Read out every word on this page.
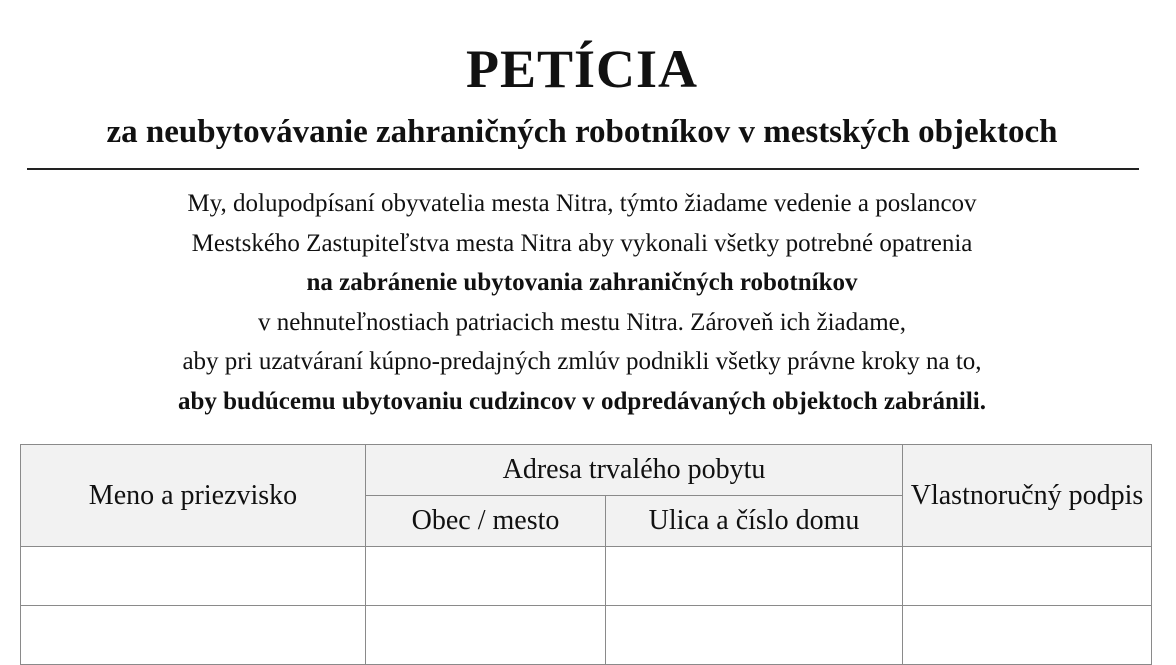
PETÍCIA
za neubytovávanie zahraničných robotníkov v mestských objektoch
My, dolupodpísaní obyvatelia mesta Nitra, týmto žiadame vedenie a poslancov
Mestského Zastupiteľstva mesta Nitra aby vykonali všetky potrebné opatrenia
na zabránenie ubytovania zahraničných robotníkov
v nehnuteľnostiach patriacich mestu Nitra. Zároveň ich žiadame,
aby pri uzatváraní kúpno-predajných zmlúv podnikli všetky právne kroky na to,
aby budúcemu ubytovaniu cudzincov v odpredávaných objektoch zabránili.
Meno a priezvisko	Adresa trvalého pobytu		Vlastnoručný podpis
	Obec / mesto	Ulica a číslo domu	
